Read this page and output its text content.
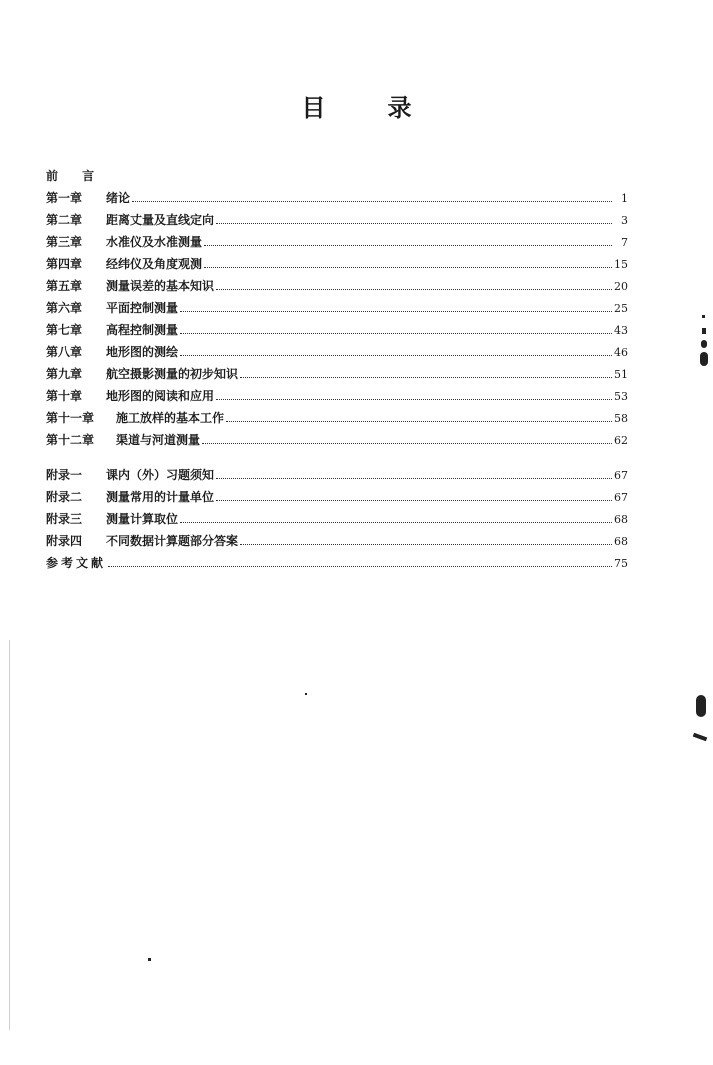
目	录
前 言
第一章	绪论	1
第二章	距离丈量及直线定向	3
第三章	水准仪及水准测量	7
第四章	经纬仪及角度观测	15
第五章	测量误差的基本知识	20
第六章	平面控制测量	25
第七章	高程控制测量	43
第八章	地形图的测绘	46
第九章	航空摄影测量的初步知识	51
第十章	地形图的阅读和应用	53
第十一章	施工放样的基本工作	58
第十二章	渠道与河道测量	62
附录一	课内（外）习题须知	67
附录二	测量常用的计量单位	67
附录三	测量计算取位	68
附录四	不同数据计算题部分答案	68
参考文献	75
